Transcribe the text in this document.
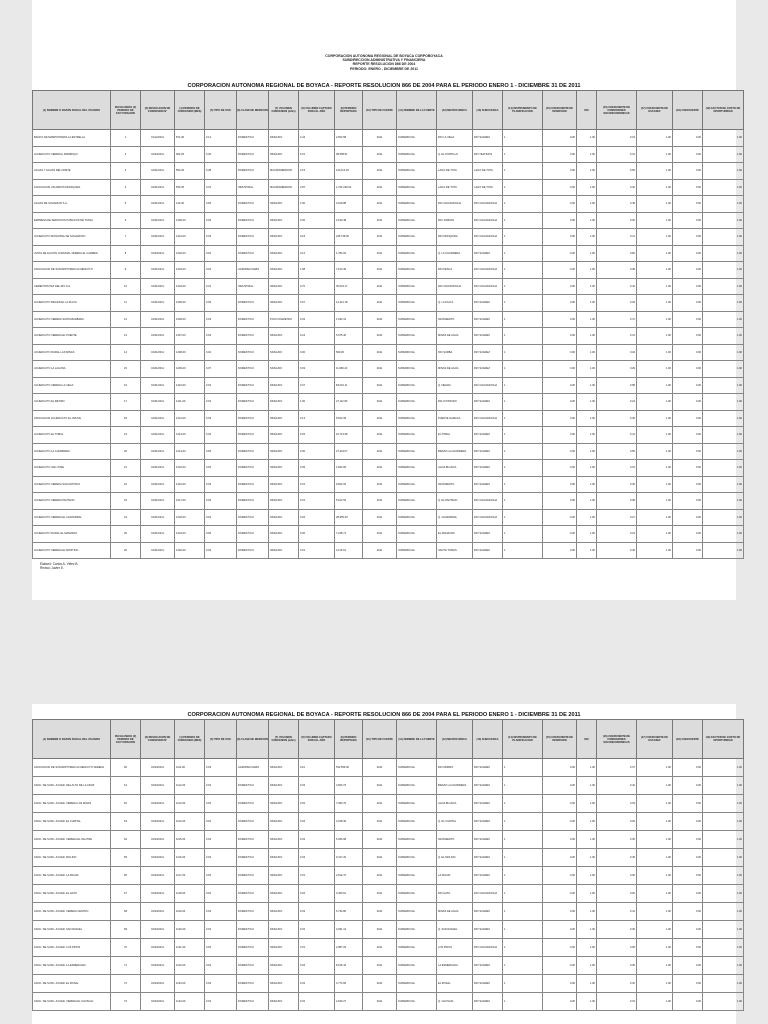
CORPORACION AUTONOMA REGIONAL DE BOYACA CORPOBOYACA
SUBDIRECCION ADMINISTRATIVA Y FINANCIERA
REPORTE RESOLUCION 866 DE 2004
PERIODO: ENERO - DICIEMBRE DE 2011
CORPORACION AUTONOMA REGIONAL DE BOYACA - REPORTE RESOLUCION 866 DE 2004 PARA EL PERIODO ENERO 1 - DICIEMBRE 31 DE 2011
(1) NOMBRE O RAZON SOCIAL DEL USUARIO	FECHA INICIO (2) PERIODO DE FACTURACION	(3) RESOLUCION DE CONCESION N°	(4) PERIODO DE CONCESION (MES)	(5) TIPO DE USO	(6) CLASE DE MEDICION	(7) VOLUMEN CONCESION (m3/s)	(8) VOLUMEN CAPTADO PARA EL AÑO	(9) PERIODO REPORTADO	(10) TIPO DE FUENTE	(11) NOMBRE DE LA FUENTE	(12) MICROCUENCA	(13) SUBCUENCA	(14) INSTRUMENTO DE PLANIFICACION	(15) COEFICIENTE DE INVERSION	MO	(16) COEFICIENTE DE CONDICIONES SOCIOECONOMICAS	(17) COEFICIENTE DE ESCASEZ	(18) COEFICIENTE	(19) FACTOR DE COSTO DE OPORTUNIDAD
BANCO DE MAMPOSTERIA LA ESTRELLA	1	01/12/2011	871-00	0.14	DOMESTICO	NINGUNO	4.44	2,603.58	2011	SUPERFICIAL	RIO LA VEGA	RIO SUAREZ	1	0.00	1.00	0.23	1.00	0.00	1.00
ACUEDUCTO VEREDAL RAMIRIQUI	2	01/04/2011	962-00	0.20	DOMESTICO	NINGUNO	6.31	38,558.51	2011	SUPERFICIAL	Q. EL PORTILLO	RIO TEATINOS	1	0.00	1.00	0.31	1.00	0.00	1.00
AGUAS Y AGUAS DEL NORTE	3	01/01/2011	552-00	0.38	DOMESTICO	MACROMEDIDOR	2.15	120,114.20	2011	SUPERFICIAL	LAGO DE TOTA	LAGO DE TOTA	1	0.00	1.00	0.65	1.00	0.00	1.00
ASOCIACION USUARIOS MONIQUIRA	4	01/01/2011	553-00	0.31	INDUSTRIAL	MACROMEDIDOR	2.87	1,762,249.00	2011	SUPERFICIAL	LAGO DE TOTA	LAGO DE TOTA	1	0.00	1.00	0.42	1.00	0.00	1.00
AGUAS DE SUGAMUXI S.A.	5	01/01/2011	212-00	0.05	DOMESTICO	NINGUNO	1.00	3,019.88	2011	SUPERFICIAL	RIO CHICAMOCHA	RIO CHICAMOCHA	1	0.00	1.00	0.49	1.00	0.00	1.00
EMPRESA DE SERVICIOS PUBLICOS DE TUNJA	6	01/01/2011	1200-00	0.02	DOMESTICO	NINGUNO	3.30	2,193.48	2011	SUPERFICIAL	RIO JORDAN	RIO CHICAMOCHA	1	0.00	1.00	0.20	1.00	0.00	1.00
ACUEDUCTO MUNICIPAL DE SOGAMOSO	7	01/01/2011	1201-00	0.03	DOMESTICO	NINGUNO	0.18	245,738.00	2011	SUPERFICIAL	RIO MONQUIRA	RIO CHICAMOCHA	1	0.00	1.00	0.11	1.00	0.00	1.00
JUNTA DE ACCION COMUNAL VEREDA EL CARMEN	8	01/04/2011	1202-00	0.02	DOMESTICO	NINGUNO	0.12	1,784.02	2011	SUPERFICIAL	Q. LA CHORRERA	RIO SUAREZ	1	0.00	1.00	0.50	1.00	0.00	1.00
ASOCIACION DE SUSCRIPTORES ACUEDUCTO	9	01/01/2011	1203-00	0.04	AGROPECUARIO	NINGUNO	1.58	7,104.39	2011	SUPERFICIAL	RIO PESCA	RIO CHICAMOCHA	1	0.00	1.00	0.38	1.00	0.00	1.00
CEMENTOS PAZ DEL RIO S.A.	10	01/01/2011	1204-00	0.01	INDUSTRIAL	NINGUNO	0.70	35,044.17	2011	SUPERFICIAL	RIO CHICAMOCHA	RIO CHICAMOCHA	1	0.00	1.00	0.44	1.00	0.00	1.00
ACUEDUCTO REGIONAL LA PLAYA	11	01/01/2011	1205-00	0.05	DOMESTICO	NINGUNO	0.67	12,412.18	2011	SUPERFICIAL	Q. LA PLAYA	RIO SUAREZ	1	0.00	1.00	0.29	1.00	0.00	1.00
ACUEDUCTO VEREDA SANTA BARBARA	12	01/01/2011	1206-00	0.03	DOMESTICO	POCO DIAMETRO	0.02	1,934.31	2011	SUPERFICIAL	NACIMIENTO	RIO SUAREZ	1	0.00	1.00	0.47	1.00	0.00	1.00
ACUEDUCTO VEREDA EL PUENTE	13	01/01/2011	1207-00	0.02	DOMESTICO	NINGUNO	0.24	5,975.40	2011	SUPERFICIAL	MINAS DE AGUA	RIO SUAREZ	1	0.00	1.00	0.31	1.00	0.00	1.00
ACUEDUCTO RURAL LAS MINAS	14	01/01/2011	1208-00	0.02	DOMESTICO	NINGUNO	0.00	500.00	2011	SUPERFICIAL	RIO SURBA	RIO SUAREZ	1	0.00	1.00	0.34	1.00	0.00	1.00
ACUEDUCTO LA LAGUNA	15	01/01/2011	1209-00	0.07	DOMESTICO	NINGUNO	0.03	11,983.23	2011	SUPERFICIAL	MINAS DE AGUA	RIO SUAREZ	1	0.00	1.00	0.29	1.00	0.00	1.00
ACUEDUCTO VEREDA LA VEGA	16	01/01/2011	1210-00	0.04	DOMESTICO	NINGUNO	0.07	84,001.11	2011	SUPERFICIAL	Q. NEGRA	RIO CHICAMOCHA	1	0.00	1.00	0.58	1.00	0.00	1.00
ACUEDUCTO EL RETIRO	17	01/01/2011	1211-00	0.04	DOMESTICO	NINGUNO	1.00	27,112.83	2011	SUPERFICIAL	PALO PINTADO	RIO SUAREZ	1	0.00	1.00	0.24	1.00	0.00	1.00
ASOCIACION ACUEDUCTO EL CRUCE	18	01/01/2011	1212-00	0.03	DOMESTICO	NINGUNO	0.13	5,813.39	2011	SUPERFICIAL	PUENTE HAMACA	RIO CHICAMOCHA	1	0.00	1.00	0.30	1.00	0.00	1.00
ACUEDUCTO EL TOBAL	19	01/01/2011	1213-00	0.02	DOMESTICO	NINGUNO	0.02	16,714.68	2011	SUPERFICIAL	EL TOBAL	RIO SUAREZ	1	0.00	1.00	0.41	1.00	0.00	1.00
ACUEDUCTO LA CHORRERA	20	01/01/2011	1214-00	0.05	DOMESTICO	NINGUNO	0.00	27,444.07	2011	SUPERFICIAL	BRAZO LA CHORRERA	RIO SUAREZ	1	0.00	1.00	0.55	1.00	0.00	1.00
ACUEDUCTO SAN JOSE	21	01/01/2011	1215-00	0.02	DOMESTICO	NINGUNO	0.05	1,844.66	2011	SUPERFICIAL	AGUA BLANCA	RIO SUAREZ	1	0.00	1.00	0.31	1.00	0.00	1.00
ACUEDUCTO VEREDA SAN ANTONIO	22	01/01/2011	1216-00	0.04	DOMESTICO	NINGUNO	0.01	9,822.03	2011	SUPERFICIAL	NACIMIENTO	RIO SUAREZ	1	0.00	1.00	0.46	1.00	0.00	1.00
ACUEDUCTO VEREDA PANTANO	23	01/01/2011	1217-00	0.02	DOMESTICO	NINGUNO	0.01	5,612.54	2011	SUPERFICIAL	Q. EL PANTANO	RIO CHICAMOCHA	1	0.00	1.00	0.38	1.00	0.00	1.00
ACUEDUCTO VEREDA EL CHAPARRAL	24	01/01/2011	1218-00	0.03	DOMESTICO	NINGUNO	0.02	28,955.30	2011	SUPERFICIAL	Q. CHAPARRAL	RIO CHICAMOCHA	1	0.00	1.00	0.27	1.00	0.00	1.00
ACUEDUCTO RURAL EL MANZANO	25	01/01/2011	1219-00	0.05	DOMESTICO	NINGUNO	0.00	7,248.71	2011	SUPERFICIAL	EL MANZANO	RIO SUAREZ	1	0.00	1.00	0.23	1.00	0.00	1.00
ACUEDUCTO VEREDA EL MORTINO	26	01/01/2011	1220-00	0.02	DOMESTICO	NINGUNO	0.01	3,115.44	2011	SUPERFICIAL	SANTO TOMAS	RIO SUAREZ	1	0.00	1.00	0.40	1.00	0.00	1.00
Elaboró: Carlos A. Vélez B.
Revisó: Javier E.
CORPORACION AUTONOMA REGIONAL DE BOYACA - REPORTE RESOLUCION 866 DE 2004 PARA EL PERIODO ENERO 1 - DICIEMBRE 31 DE 2011
(1) NOMBRE O RAZON SOCIAL DEL USUARIO	FECHA INICIO (2) PERIODO DE FACTURACION	(3) RESOLUCION DE CONCESION N°	(4) PERIODO DE CONCESION (MES)	(5) TIPO DE USO	(6) CLASE DE MEDICION	(7) VOLUMEN CONCESION (m3/s)	(8) VOLUMEN CAPTADO PARA EL AÑO	(9) PERIODO REPORTADO	(10) TIPO DE FUENTE	(11) NOMBRE DE LA FUENTE	(12) MICROCUENCA	(13) SUBCUENCA	(14) INSTRUMENTO DE PLANIFICACION	(15) COEFICIENTE DE INVERSION	MO	(16) COEFICIENTE DE CONDICIONES SOCIOECONOMICAS	(17) COEFICIENTE DE ESCASEZ	(18) COEFICIENTE	(19) FACTOR DE COSTO DE OPORTUNIDAD
ASOCIACION DE SUSCRIPTORES ACUEDUCTO VEREDA	60	01/04/2011	1111-00	0.03	AGROPECUARIO	NINGUNO	0.10	533,559.00	2011	SUPERFICIAL	RIO MORRO	RIO SUAREZ	1	0.00	1.00	0.37	1.00	0.00	1.00
ASOC. DE SUSC. ACUED. DEL ALTO DE LA CRUZ	61	01/04/2011	1112-00	0.02	DOMESTICO	NINGUNO	0.03	4,500.72	2011	SUPERFICIAL	BRAZO LA CHORRERA	RIO SUAREZ	1	0.00	1.00	0.42	1.00	0.00	1.00
ASOC. DE SUSC. ACUED. VEREDA LAS MINAS	62	01/04/2011	1113-00	0.02	DOMESTICO	NINGUNO	0.02	7,993.70	2011	SUPERFICIAL	AGUA BLANCA	RIO SUAREZ	1	0.00	1.00	0.33	1.00	0.00	1.00
ASOC. DE SUSC. ACUED. EL CURITAL	63	01/04/2011	1114-00	0.02	DOMESTICO	NINGUNO	0.03	4,228.36	2011	SUPERFICIAL	Q. EL CURITAL	RIO SUAREZ	1	0.00	1.00	0.29	1.00	0.00	1.00
ASOC. DE SUSC. ACUED. VEREDA EL SALITRE	64	01/04/2011	1115-00	0.02	DOMESTICO	NINGUNO	0.02	5,066.98	2011	SUPERFICIAL	NACIMIENTO	RIO SUAREZ	1	0.00	1.00	0.35	1.00	0.00	1.00
ASOC. DE SUSC. ACUED. MOLINO	65	01/04/2011	1116-00	0.03	DOMESTICO	NINGUNO	0.04	9,417.20	2011	SUPERFICIAL	Q. EL MOLINO	RIO SUAREZ	1	0.00	1.00	0.45	1.00	0.00	1.00
ASOC. DE SUSC. ACUED. LA PALMA	66	01/04/2011	1117-00	0.02	DOMESTICO	NINGUNO	0.01	2,812.47	2011	SUPERFICIAL	LA PALMA	RIO SUAREZ	1	0.00	1.00	0.30	1.00	0.00	1.00
ASOC. DE SUSC. ACUED. EL HATO	67	01/04/2011	1118-00	0.02	DOMESTICO	NINGUNO	0.02	3,409.51	2011	SUPERFICIAL	RIO HATO	RIO CHICAMOCHA	1	0.00	1.00	0.26	1.00	0.00	1.00
ASOC. DE SUSC. ACUED. VEREDA CENTRO	68	01/04/2011	1119-00	0.02	DOMESTICO	NINGUNO	0.03	6,734.80	2011	SUPERFICIAL	MINAS DE AGUA	RIO SUAREZ	1	0.00	1.00	0.41	1.00	0.00	1.00
ASOC. DE SUSC. ACUED. SAN RAFAEL	69	01/04/2011	1120-00	0.02	DOMESTICO	NINGUNO	0.02	4,091.12	2011	SUPERFICIAL	Q. SAN RAFAEL	RIO SUAREZ	1	0.00	1.00	0.36	1.00	0.00	1.00
ASOC. DE SUSC. ACUED. LOS PINOS	70	01/04/2011	1121-00	0.02	DOMESTICO	NINGUNO	0.01	2,987.03	2011	SUPERFICIAL	LOS PINOS	RIO CHICAMOCHA	1	0.00	1.00	0.28	1.00	0.00	1.00
ASOC. DE SUSC. ACUED. LA ESMERALDA	71	01/04/2011	1122-00	0.03	DOMESTICO	NINGUNO	0.03	8,156.44	2011	SUPERFICIAL	LA ESMERALDA	RIO SUAREZ	1	0.00	1.00	0.39	1.00	0.00	1.00
ASOC. DE SUSC. ACUED. EL ROSAL	72	01/04/2011	1123-00	0.02	DOMESTICO	NINGUNO	0.02	3,774.65	2011	SUPERFICIAL	EL ROSAL	RIO SUAREZ	1	0.00	1.00	0.32	1.00	0.00	1.00
ASOC. DE SUSC. ACUED. VEREDA EL CHUSCAL	73	01/04/2011	1124-00	0.02	DOMESTICO	NINGUNO	0.02	4,630.27	2011	SUPERFICIAL	Q. CHUSCAL	RIO SUAREZ	1	0.00	1.00	0.34	1.00	0.00	1.00
